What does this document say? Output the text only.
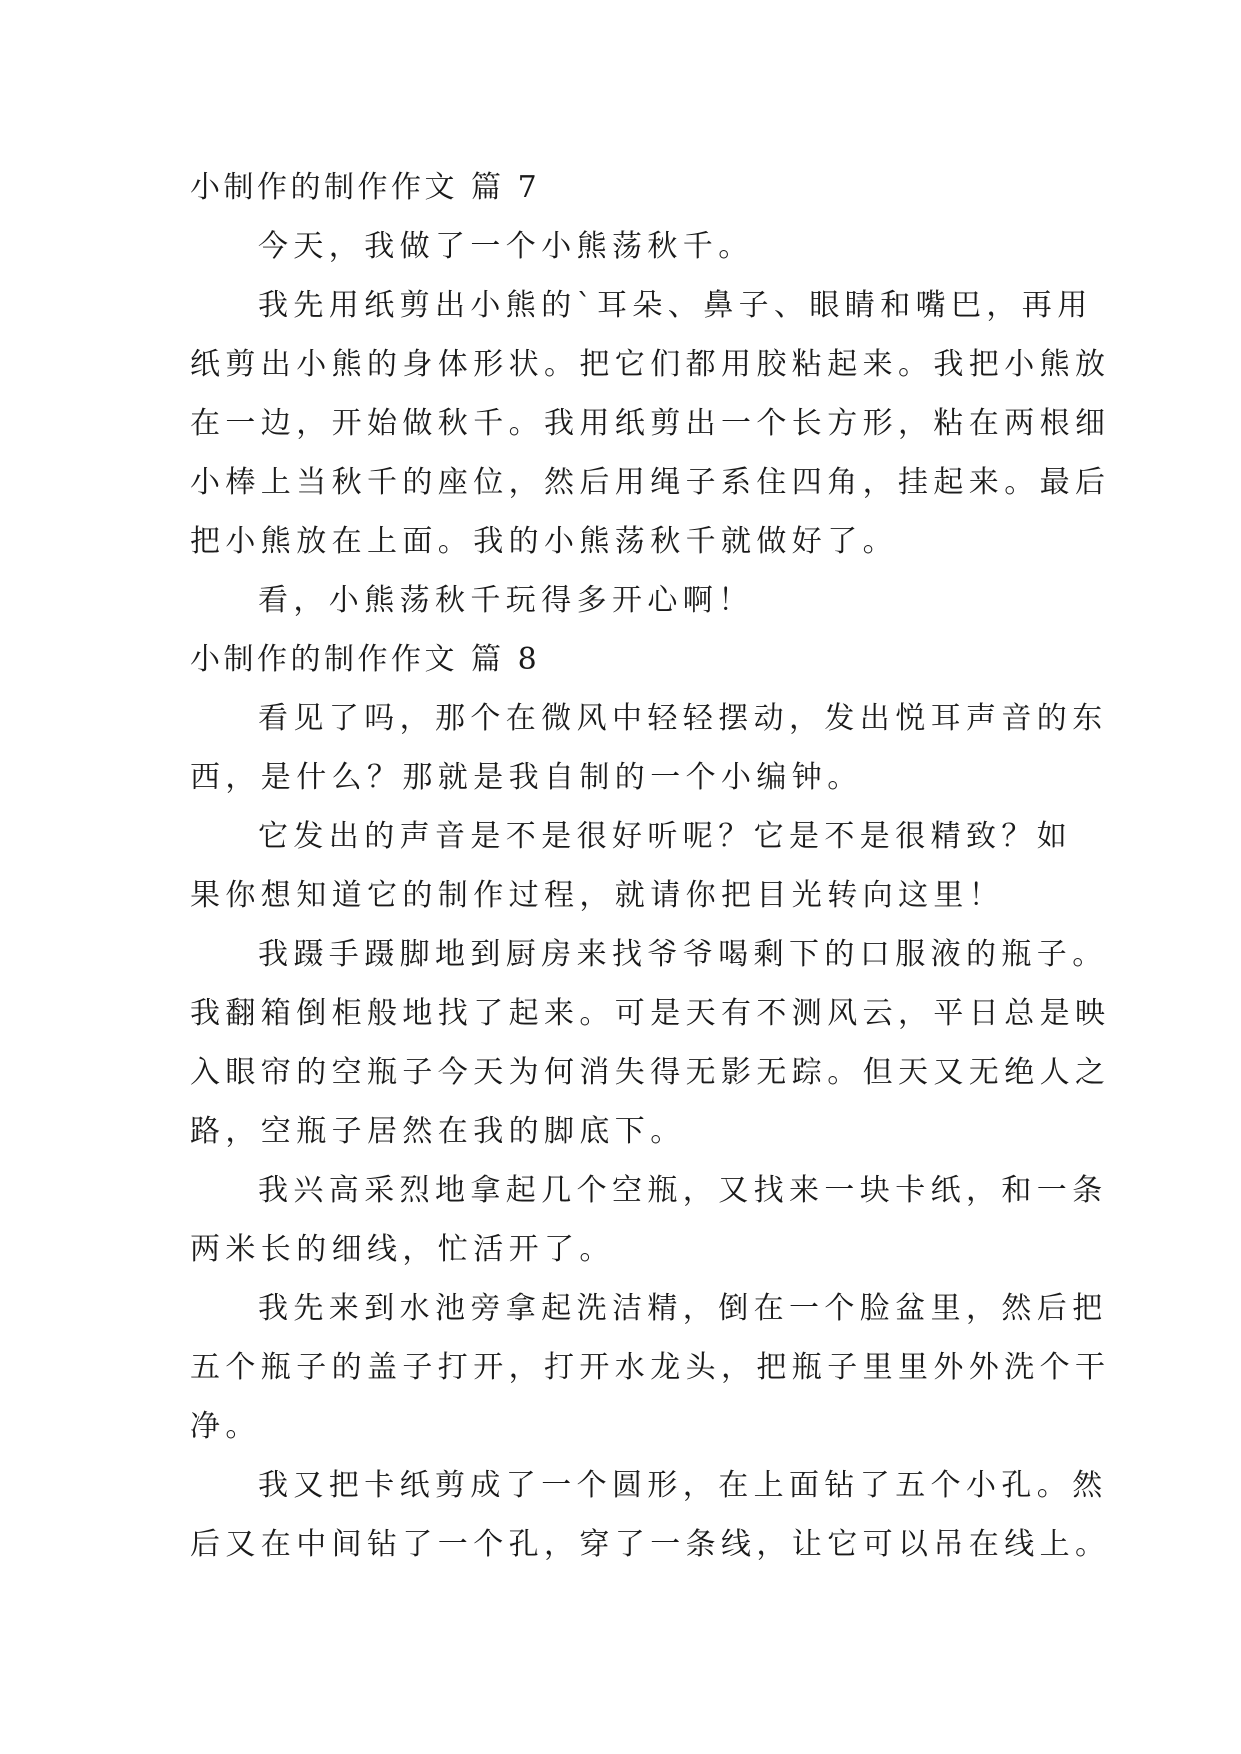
小制作的制作作文 篇 7
今天，我做了一个小熊荡秋千。
我先用纸剪出小熊的`耳朵、鼻子、眼睛和嘴巴，再用
纸剪出小熊的身体形状。把它们都用胶粘起来。我把小熊放
在一边，开始做秋千。我用纸剪出一个长方形，粘在两根细
小棒上当秋千的座位，然后用绳子系住四角，挂起来。最后
把小熊放在上面。我的小熊荡秋千就做好了。
看，小熊荡秋千玩得多开心啊！
小制作的制作作文 篇 8
看见了吗，那个在微风中轻轻摆动，发出悦耳声音的东
西，是什么？那就是我自制的一个小编钟。
它发出的声音是不是很好听呢？它是不是很精致？如
果你想知道它的制作过程，就请你把目光转向这里！
我蹑手蹑脚地到厨房来找爷爷喝剩下的口服液的瓶子。
我翻箱倒柜般地找了起来。可是天有不测风云，平日总是映
入眼帘的空瓶子今天为何消失得无影无踪。但天又无绝人之
路，空瓶子居然在我的脚底下。
我兴高采烈地拿起几个空瓶，又找来一块卡纸，和一条
两米长的细线，忙活开了。
我先来到水池旁拿起洗洁精，倒在一个脸盆里，然后把
五个瓶子的盖子打开，打开水龙头，把瓶子里里外外洗个干
净。
我又把卡纸剪成了一个圆形，在上面钻了五个小孔。然
后又在中间钻了一个孔，穿了一条线，让它可以吊在线上。
